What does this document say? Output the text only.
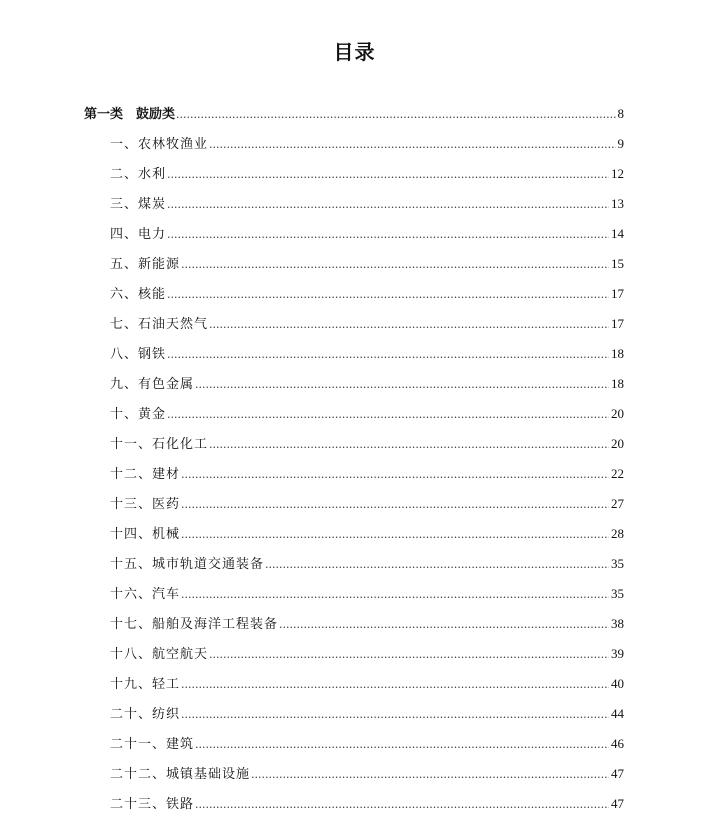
目录
第一类　鼓励类 .....	8
一、农林牧渔业 .....	9
二、水利 .....	12
三、煤炭 .....	13
四、电力 .....	14
五、新能源 .....	15
六、核能 .....	17
七、石油天然气 .....	17
八、钢铁 .....	18
九、有色金属 .....	18
十、黄金 .....	20
十一、石化化工 .....	20
十二、建材 .....	22
十三、医药 .....	27
十四、机械 .....	28
十五、城市轨道交通装备 .....	35
十六、汽车 .....	35
十七、船舶及海洋工程装备 .....	38
十八、航空航天 .....	39
十九、轻工 .....	40
二十、纺织 .....	44
二十一、建筑 .....	46
二十二、城镇基础设施 .....	47
二十三、铁路 .....	47
